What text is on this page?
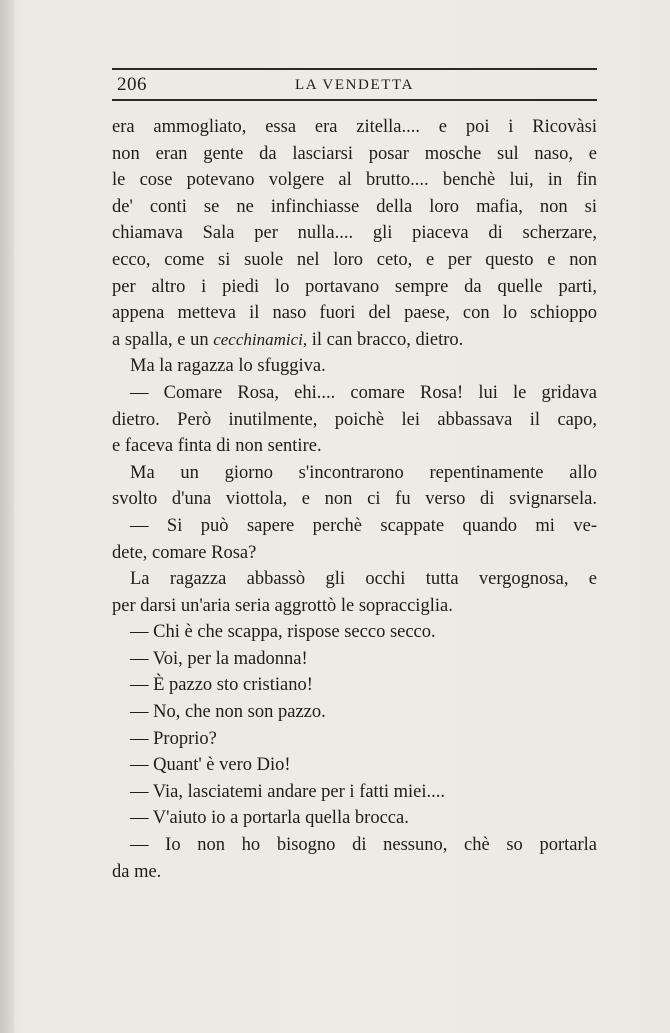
206	LA VENDETTA
era ammogliato, essa era zitella.... e poi i Ricovàsi
non eran gente da lasciarsi posar mosche sul naso, e
le cose potevano volgere al brutto.... benchè lui, in fin
de' conti se ne infinchiasse della loro mafia, non si
chiamava Sala per nulla.... gli piaceva di scherzare,
ecco, come si suole nel loro ceto, e per questo e non
per altro i piedi lo portavano sempre da quelle parti,
appena metteva il naso fuori del paese, con lo schioppo
a spalla, e un cecchinamici, il can bracco, dietro.
Ma la ragazza lo sfuggiva.
— Comare Rosa, ehi.... comare Rosa! lui le gridava
dietro. Però inutilmente, poichè lei abbassava il capo,
e faceva finta di non sentire.
Ma un giorno s'incontrarono repentinamente allo
svolto d'una viottola, e non ci fu verso di svignarsela.
— Si può sapere perchè scappate quando mi ve-
dete, comare Rosa?
La ragazza abbassò gli occhi tutta vergognosa, e
per darsi un'aria seria aggrottò le sopracciglia.
— Chi è che scappa, rispose secco secco.
— Voi, per la madonna!
— È pazzo sto cristiano!
— No, che non son pazzo.
— Proprio?
— Quant' è vero Dio!
— Via, lasciatemi andare per i fatti miei....
— V'aiuto io a portarla quella brocca.
— Io non ho bisogno di nessuno, chè so portarla
da me.
